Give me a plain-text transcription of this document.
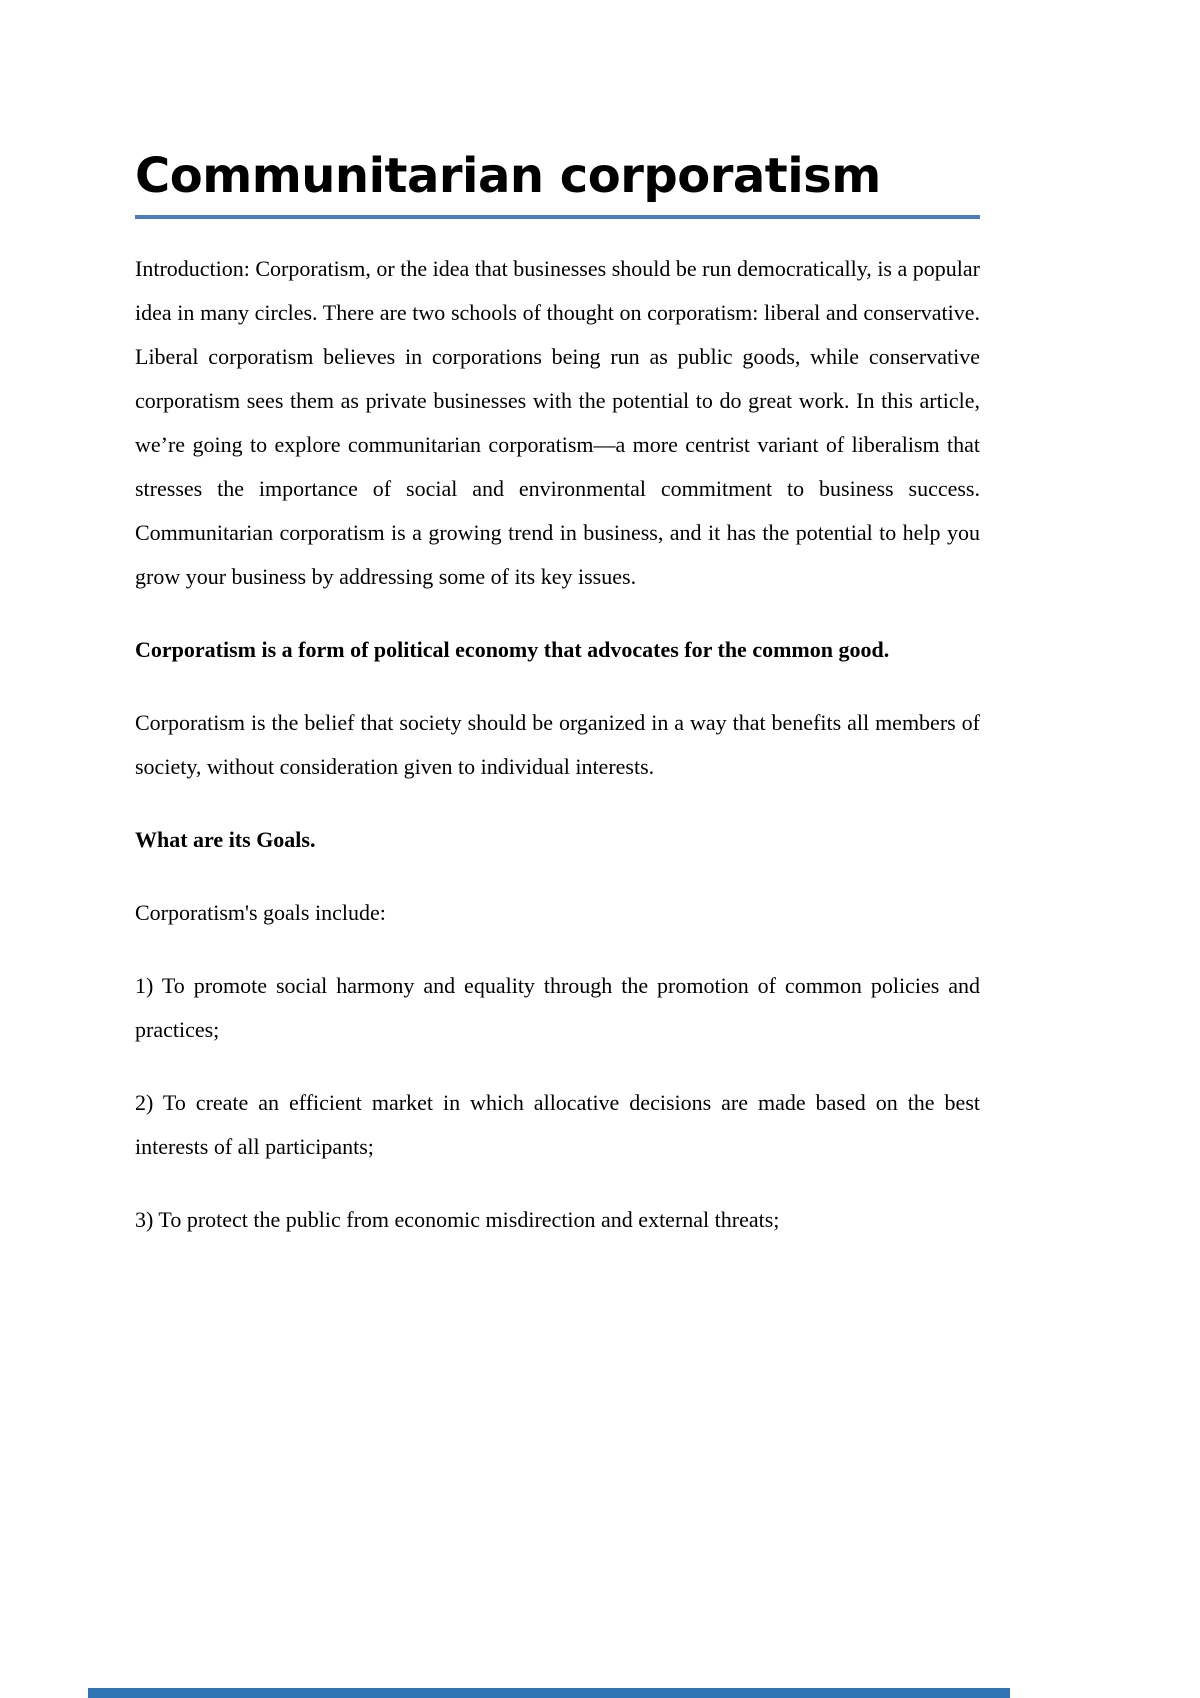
Communitarian corporatism

Introduction: Corporatism, or the idea that businesses should be run democratically, is a popular idea in many circles. There are two schools of thought on corporatism: liberal and conservative. Liberal corporatism believes in corporations being run as public goods, while conservative corporatism sees them as private businesses with the potential to do great work. In this article, we’re going to explore communitarian corporatism—a more centrist variant of liberalism that stresses the importance of social and environmental commitment to business success. Communitarian corporatism is a growing trend in business, and it has the potential to help you grow your business by addressing some of its key issues.

Corporatism is a form of political economy that advocates for the common good.

Corporatism is the belief that society should be organized in a way that benefits all members of society, without consideration given to individual interests.

What are its Goals.

Corporatism's goals include:

1) To promote social harmony and equality through the promotion of common policies and practices;

2) To create an efficient market in which allocative decisions are made based on the best interests of all participants;

3) To protect the public from economic misdirection and external threats;
